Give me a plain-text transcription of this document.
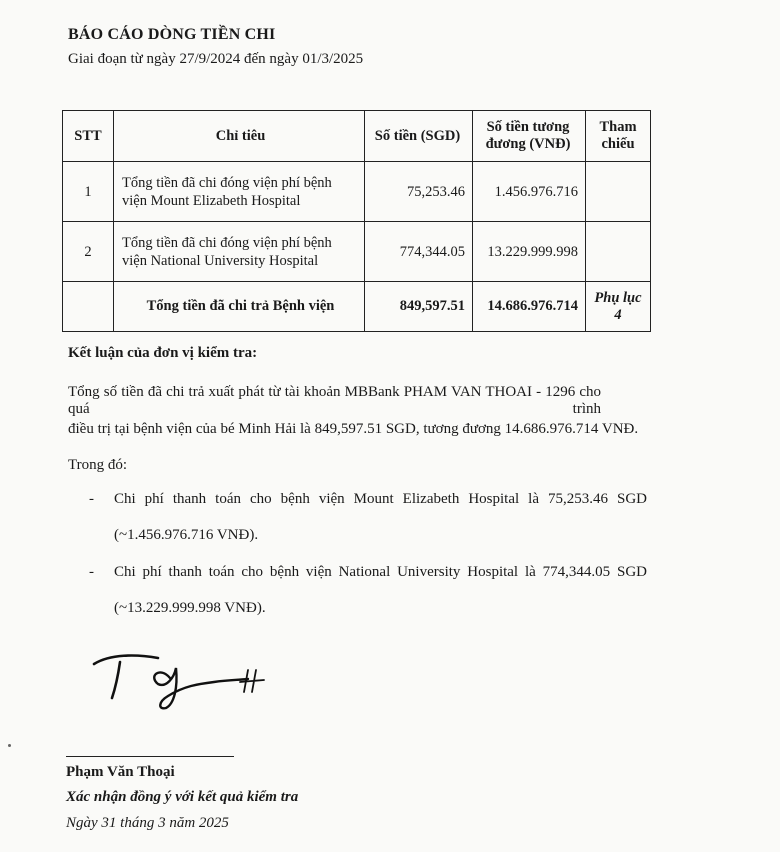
BÁO CÁO DÒNG TIỀN CHI
Giai đoạn từ ngày 27/9/2024 đến ngày 01/3/2025
STT	Chỉ tiêu	Số tiền (SGD)	Số tiền tương
đương (VNĐ)	Tham chiếu
1	Tổng tiền đã chi đóng viện phí bệnh
viện Mount Elizabeth Hospital	75,253.46	1.456.976.716	
2	Tổng tiền đã chi đóng viện phí bệnh
viện National University Hospital	774,344.05	13.229.999.998	
	Tổng tiền đã chi trả Bệnh viện	849,597.51	14.686.976.714	Phụ lục 4
Kết luận của đơn vị kiểm tra:
Tổng số tiền đã chi trả xuất phát từ tài khoản MBBank PHAM VAN THOAI - 1296 cho quá trình
điều trị tại bệnh viện của bé Minh Hải là 849,597.51 SGD, tương đương 14.686.976.714 VNĐ.
Trong đó:
- Chi phí thanh toán cho bệnh viện Mount Elizabeth Hospital là 75,253.46 SGD
(~1.456.976.716 VNĐ).
- Chi phí thanh toán cho bệnh viện National University Hospital là 774,344.05 SGD
(~13.229.999.998 VNĐ).
Phạm Văn Thoại
Xác nhận đồng ý với kết quả kiểm tra
Ngày 31 tháng 3 năm 2025
